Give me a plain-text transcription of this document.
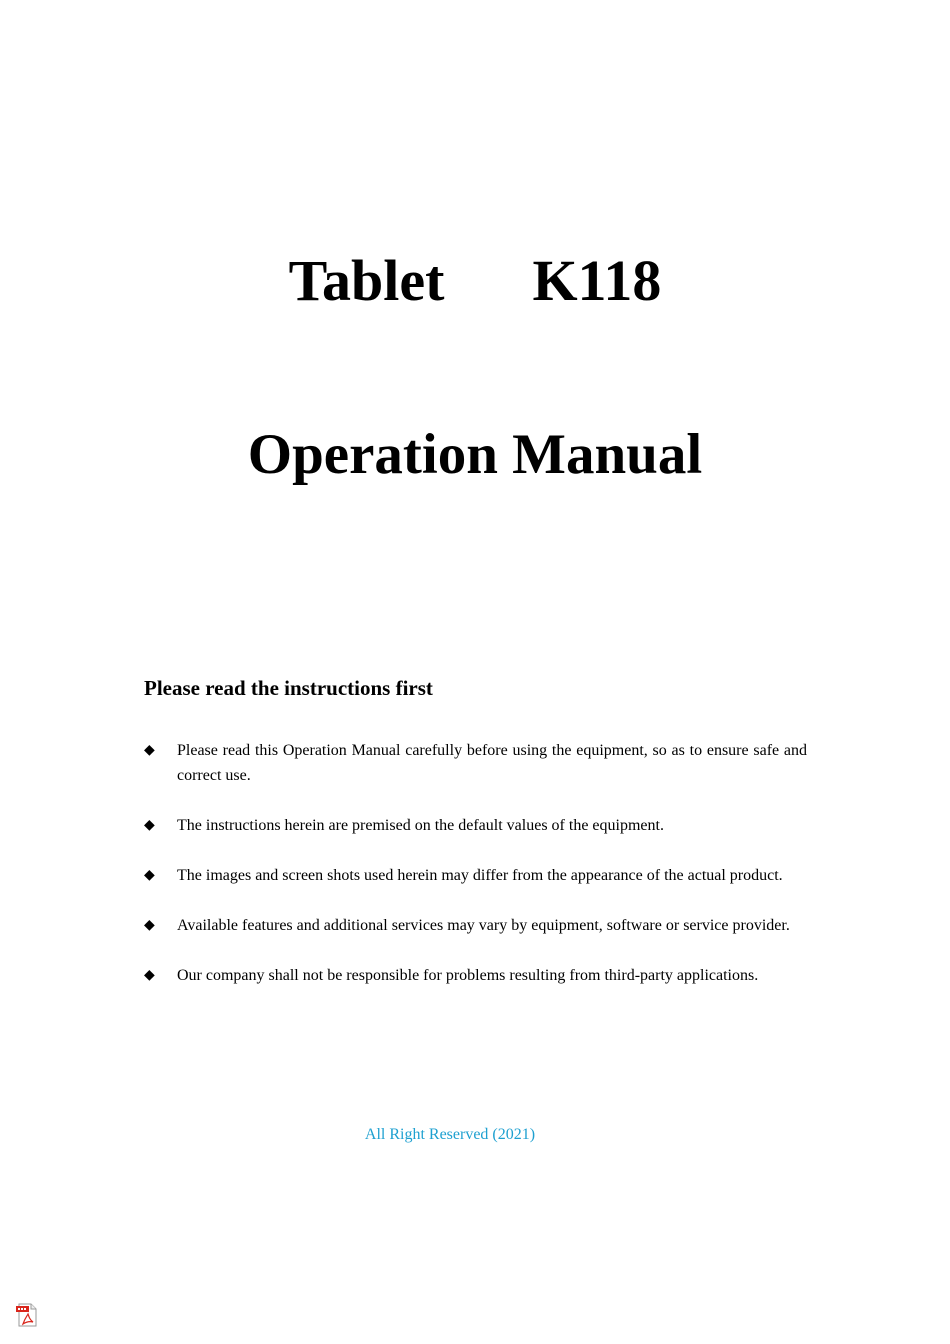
Tablet K118
Operation Manual
Please read the instructions first
◆ Please read this Operation Manual carefully before using the equipment, so as to ensure safe and correct use.
◆ The instructions herein are premised on the default values of the equipment.
◆ The images and screen shots used herein may differ from the appearance of the actual product.
◆ Available features and additional services may vary by equipment, software or service provider.
◆ Our company shall not be responsible for problems resulting from third-party applications.
All Right Reserved (2021)
